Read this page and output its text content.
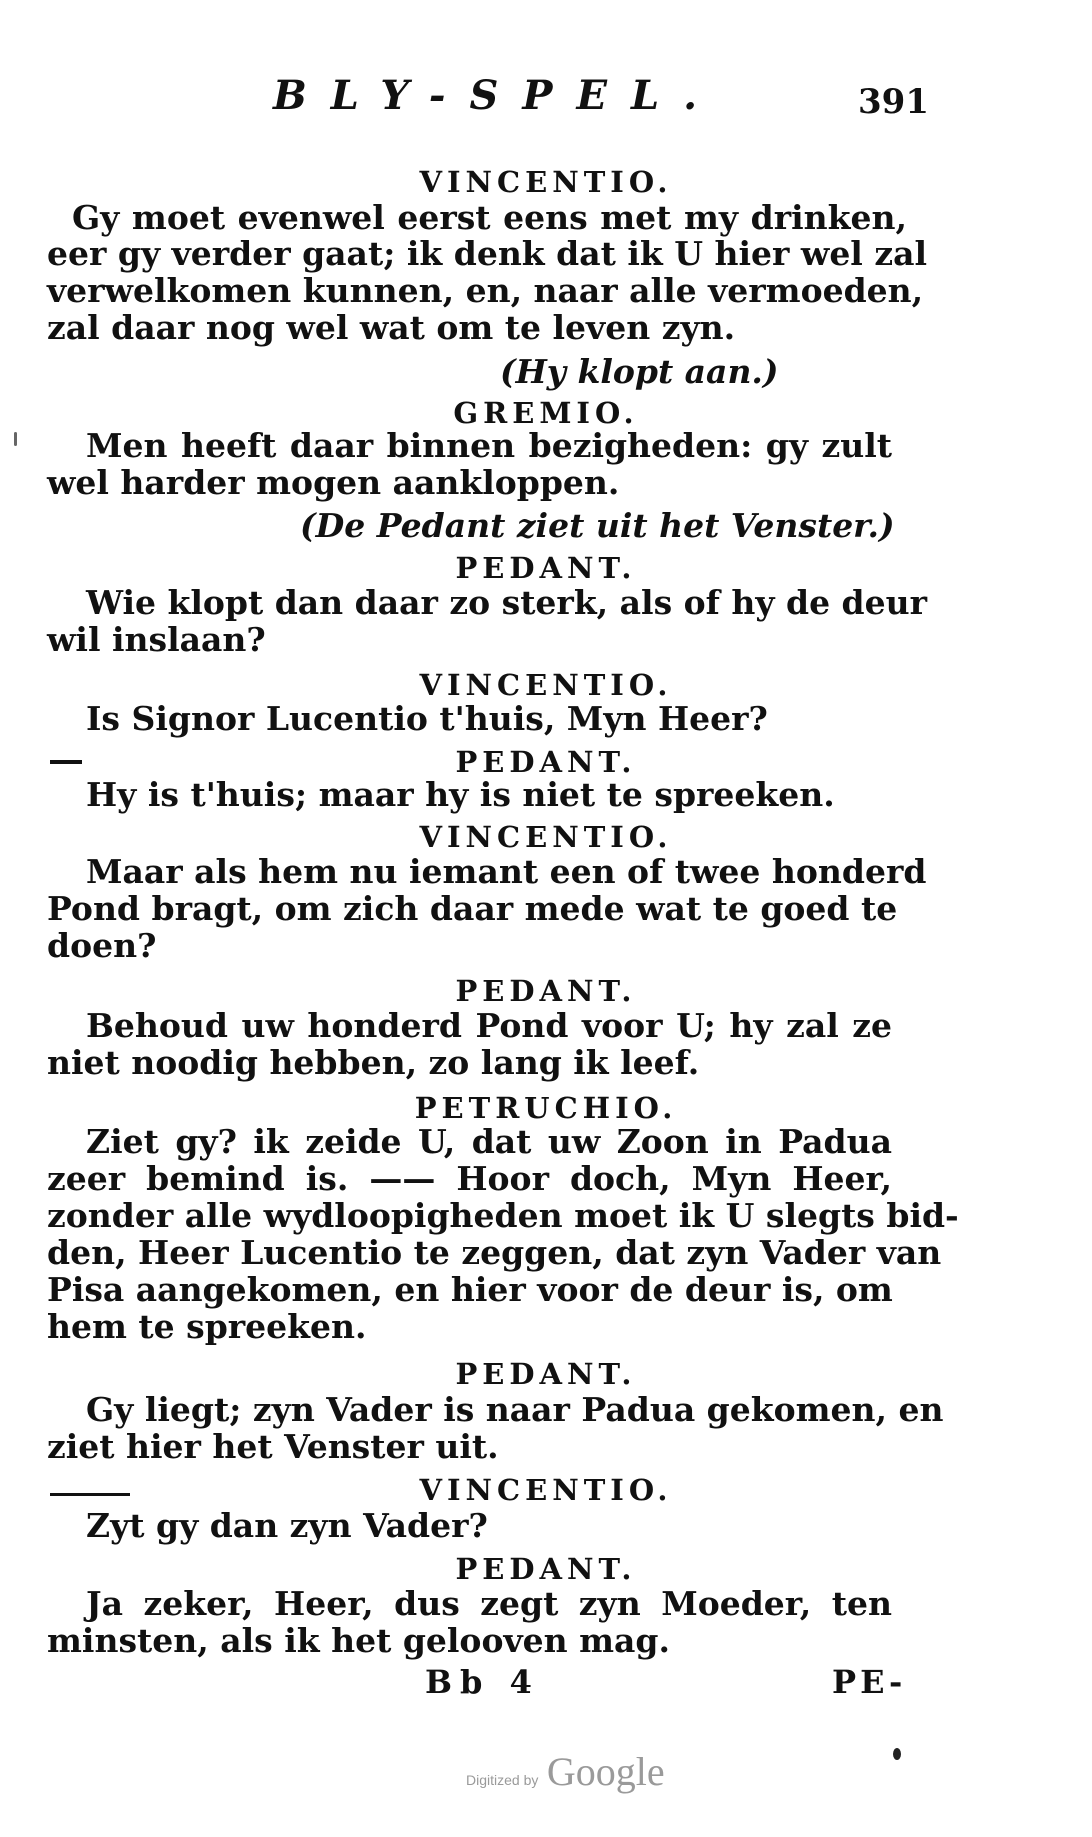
BLY-SPEL.	391
VINCENTIO.
Gy moet evenwel eerst eens met my drinken,
eer gy verder gaat; ik denk dat ik U hier wel zal
verwelkomen kunnen, en, naar alle vermoeden,
zal daar nog wel wat om te leven zyn.
(Hy klopt aan.)
GREMIO.
Men heeft daar binnen bezigheden: gy zult
wel harder mogen aankloppen.
(De Pedant ziet uit het Venster.)
PEDANT.
Wie klopt dan daar zo sterk, als of hy de deur
wil inslaan?
VINCENTIO.
Is Signor Lucentio t'huis, Myn Heer?
PEDANT.
Hy is t'huis; maar hy is niet te spreeken.
VINCENTIO.
Maar als hem nu iemant een of twee honderd
Pond bragt, om zich daar mede wat te goed te
doen?
PEDANT.
Behoud uw honderd Pond voor U; hy zal ze
niet noodig hebben, zo lang ik leef.
PETRUCHIO.
Ziet gy? ik zeide U, dat uw Zoon in Padua
zeer bemind is. —— Hoor doch, Myn Heer,
zonder alle wydloopigheden moet ik U slegts bid-
den, Heer Lucentio te zeggen, dat zyn Vader van
Pisa aangekomen, en hier voor de deur is, om
hem te spreeken.
PEDANT.
Gy liegt; zyn Vader is naar Padua gekomen, en
ziet hier het Venster uit.
VINCENTIO.
Zyt gy dan zyn Vader?
PEDANT.
Ja zeker, Heer, dus zegt zyn Moeder, ten
minsten, als ik het gelooven mag.
Bb 4	PE-
Digitized by Google
